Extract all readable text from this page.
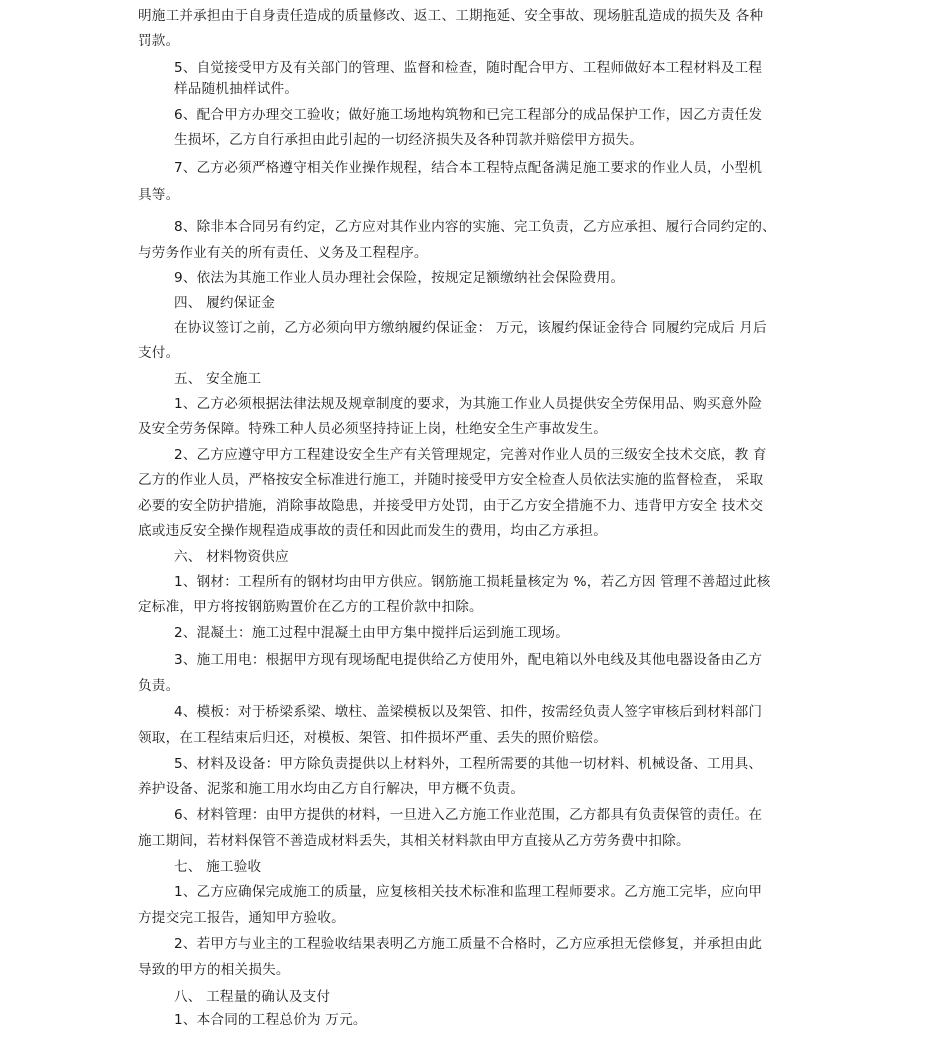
明施工并承担由于自身责任造成的质量修改、返工、工期拖延、安全事故、现场脏乱造成的损失及 各种
罚款。
5、自觉接受甲方及有关部门的管理、监督和检查，随时配合甲方、工程师做好本工程材料及工程
样品随机抽样试件。
6、配合甲方办理交工验收；做好施工场地构筑物和已完工程部分的成品保护工作，因乙方责任发
生损坏，乙方自行承担由此引起的一切经济损失及各种罚款并赔偿甲方损失。
7、乙方必须严格遵守相关作业操作规程，结合本工程特点配备满足施工要求的作业人员，小型机
具等。
8、除非本合同另有约定，乙方应对其作业内容的实施、完工负责，乙方应承担、履行合同约定的、
与劳务作业有关的所有责任、义务及工程程序。
9、依法为其施工作业人员办理社会保险，按规定足额缴纳社会保险费用。
四、 履约保证金
在协议签订之前，乙方必须向甲方缴纳履约保证金： 万元，该履约保证金待合 同履约完成后 月后
支付。
五、 安全施工
1、乙方必须根据法律法规及规章制度的要求，为其施工作业人员提供安全劳保用品、购买意外险
及安全劳务保障。特殊工种人员必须坚持持证上岗，杜绝安全生产事故发生。
2、乙方应遵守甲方工程建设安全生产有关管理规定，完善对作业人员的三级安全技术交底，教 育
乙方的作业人员，严格按安全标准进行施工，并随时接受甲方安全检查人员依法实施的监督检查， 采取
必要的安全防护措施，消除事故隐患，并接受甲方处罚，由于乙方安全措施不力、违背甲方安全 技术交
底或违反安全操作规程造成事故的责任和因此而发生的费用，均由乙方承担。
六、 材料物资供应
1、钢材：工程所有的钢材均由甲方供应。钢筋施工损耗量核定为 %，若乙方因 管理不善超过此核
定标准，甲方将按钢筋购置价在乙方的工程价款中扣除。
2、混凝土：施工过程中混凝土由甲方集中搅拌后运到施工现场。
3、施工用电：根据甲方现有现场配电提供给乙方使用外，配电箱以外电线及其他电器设备由乙方
负责。
4、模板：对于桥梁系梁、墩柱、盖梁模板以及架管、扣件，按需经负责人签字审核后到材料部门
领取，在工程结束后归还，对模板、架管、扣件损坏严重、丢失的照价赔偿。
5、材料及设备：甲方除负责提供以上材料外，工程所需要的其他一切材料、机械设备、工用具、
养护设备、泥浆和施工用水均由乙方自行解决，甲方概不负责。
6、材料管理：由甲方提供的材料，一旦进入乙方施工作业范围，乙方都具有负责保管的责任。在
施工期间，若材料保管不善造成材料丢失，其相关材料款由甲方直接从乙方劳务费中扣除。
七、 施工验收
1、乙方应确保完成施工的质量，应复核相关技术标准和监理工程师要求。乙方施工完毕，应向甲
方提交完工报告，通知甲方验收。
2、若甲方与业主的工程验收结果表明乙方施工质量不合格时，乙方应承担无偿修复，并承担由此
导致的甲方的相关损失。
八、 工程量的确认及支付
1、本合同的工程总价为 万元。
